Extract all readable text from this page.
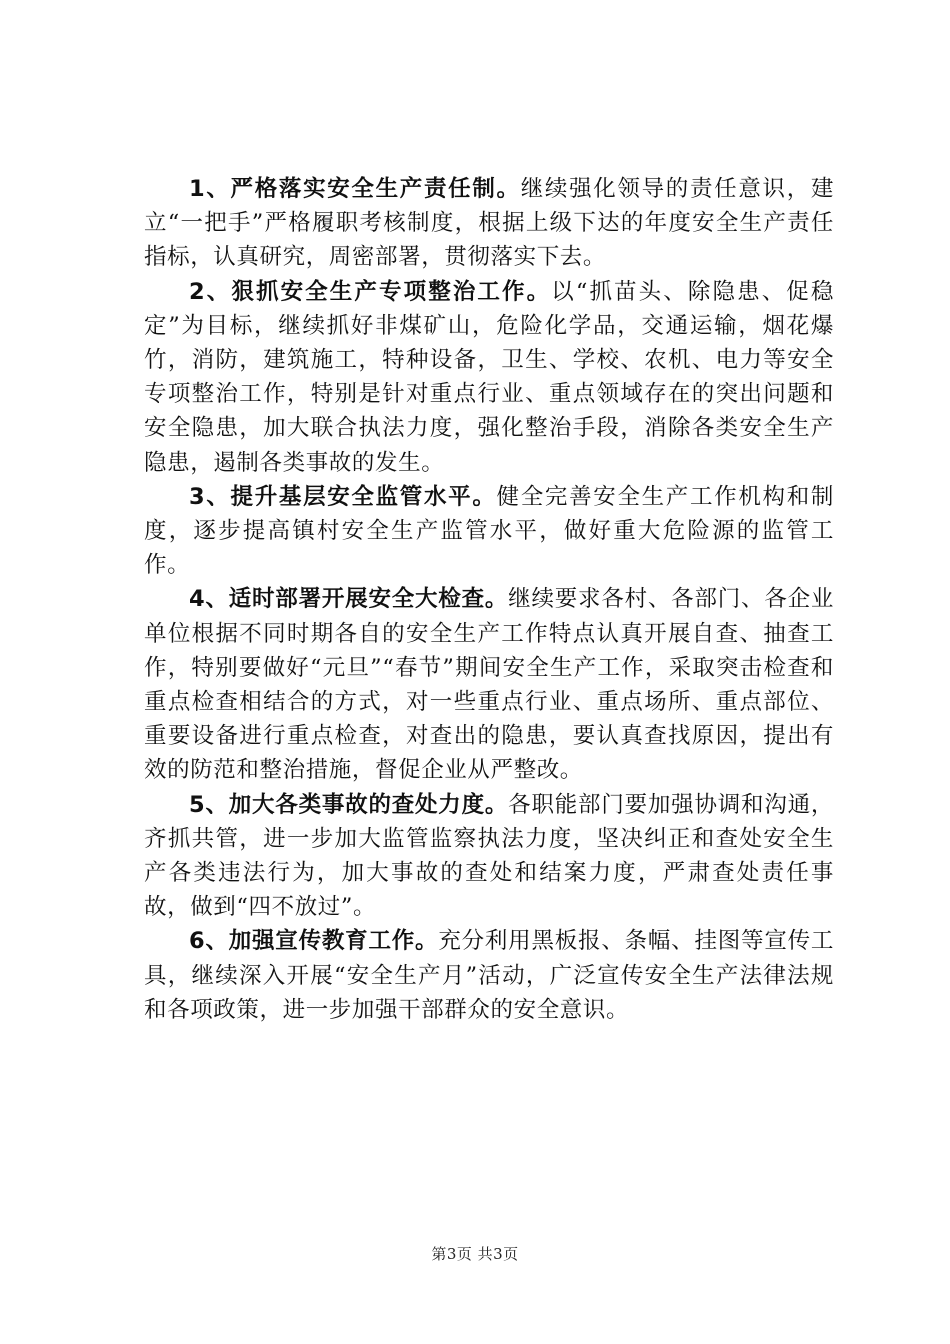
1、严格落实安全生产责任制。继续强化领导的责任意识，建立“一把手”严格履职考核制度，根据上级下达的年度安全生产责任指标，认真研究，周密部署，贯彻落实下去。

2、狠抓安全生产专项整治工作。以“抓苗头、除隐患、促稳定”为目标，继续抓好非煤矿山，危险化学品，交通运输，烟花爆竹，消防，建筑施工，特种设备，卫生、学校、农机、电力等安全专项整治工作，特别是针对重点行业、重点领域存在的突出问题和安全隐患，加大联合执法力度，强化整治手段，消除各类安全生产隐患，遏制各类事故的发生。

3、提升基层安全监管水平。健全完善安全生产工作机构和制度，逐步提高镇村安全生产监管水平，做好重大危险源的监管工作。

4、适时部署开展安全大检查。继续要求各村、各部门、各企业单位根据不同时期各自的安全生产工作特点认真开展自查、抽查工作，特别要做好“元旦”“春节”期间安全生产工作，采取突击检查和重点检查相结合的方式，对一些重点行业、重点场所、重点部位、重要设备进行重点检查，对查出的隐患，要认真查找原因，提出有效的防范和整治措施，督促企业从严整改。

5、加大各类事故的查处力度。各职能部门要加强协调和沟通，齐抓共管，进一步加大监管监察执法力度，坚决纠正和查处安全生产各类违法行为，加大事故的查处和结案力度，严肃查处责任事故，做到“四不放过”。

6、加强宣传教育工作。充分利用黑板报、条幅、挂图等宣传工具，继续深入开展“安全生产月”活动，广泛宣传安全生产法律法规和各项政策，进一步加强干部群众的安全意识。

第3页 共3页
